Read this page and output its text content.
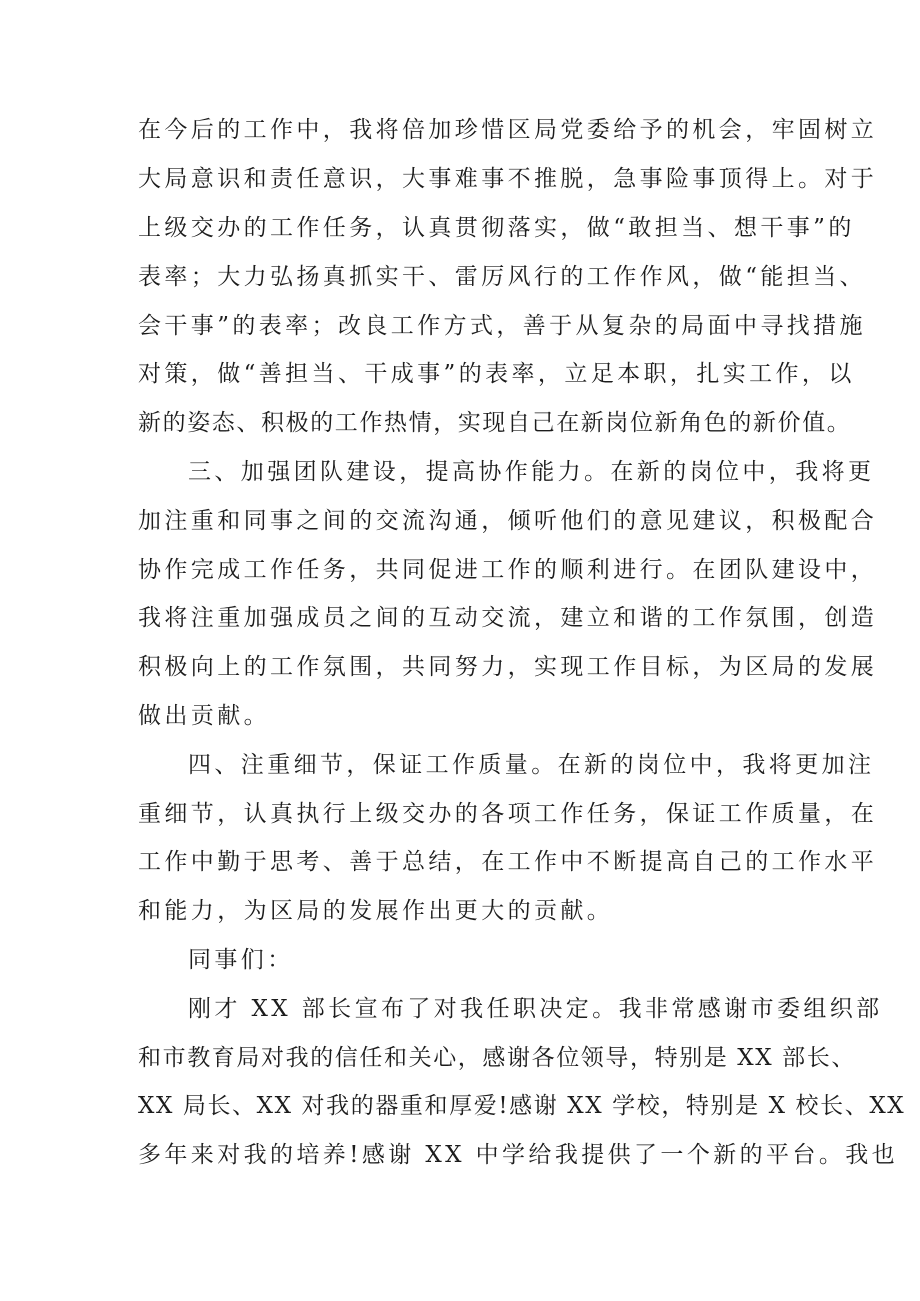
在今后的工作中，我将倍加珍惜区局党委给予的机会，牢固树立
大局意识和责任意识，大事难事不推脱，急事险事顶得上。对于
上级交办的工作任务，认真贯彻落实，做“敢担当、想干事”的
表率；大力弘扬真抓实干、雷厉风行的工作作风，做“能担当、
会干事”的表率；改良工作方式，善于从复杂的局面中寻找措施
对策，做“善担当、干成事”的表率，立足本职，扎实工作，以
新的姿态、积极的工作热情，实现自己在新岗位新角色的新价值。
三、加强团队建设，提高协作能力。在新的岗位中，我将更
加注重和同事之间的交流沟通，倾听他们的意见建议，积极配合
协作完成工作任务，共同促进工作的顺利进行。在团队建设中，
我将注重加强成员之间的互动交流，建立和谐的工作氛围，创造
积极向上的工作氛围，共同努力，实现工作目标，为区局的发展
做出贡献。
四、注重细节，保证工作质量。在新的岗位中，我将更加注
重细节，认真执行上级交办的各项工作任务，保证工作质量，在
工作中勤于思考、善于总结，在工作中不断提高自己的工作水平
和能力，为区局的发展作出更大的贡献。
同事们：
刚才 XX 部长宣布了对我任职决定。我非常感谢市委组织部
和市教育局对我的信任和关心，感谢各位领导，特别是 XX 部长、
XX 局长、XX 对我的器重和厚爱!感谢 XX 学校，特别是 X 校长、XX
多年来对我的培养!感谢 XX 中学给我提供了一个新的平台。我也
